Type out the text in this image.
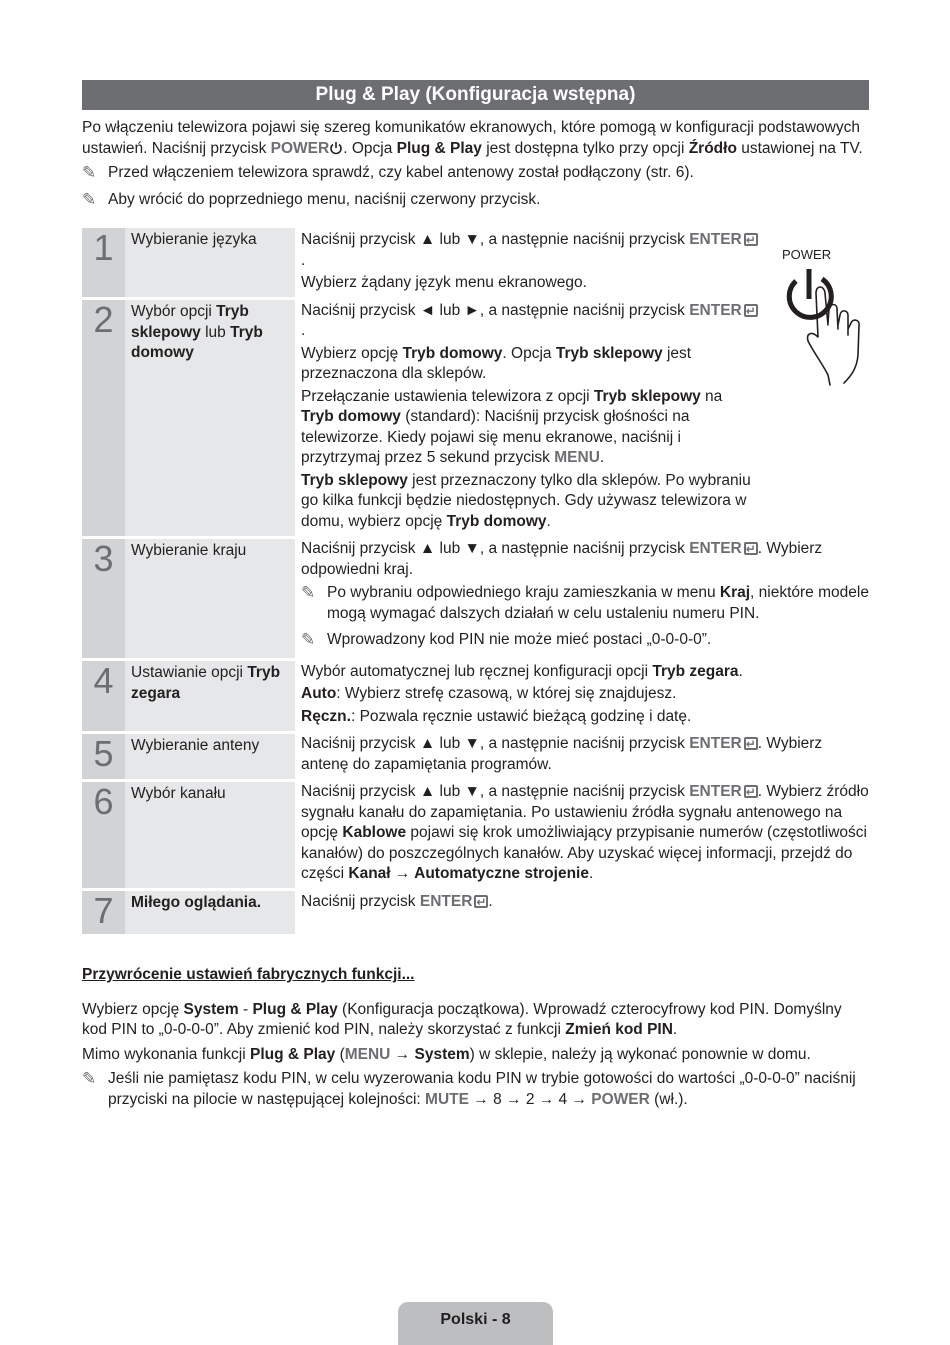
Plug & Play (Konfiguracja wstępna)

Po włączeniu telewizora pojawi się szereg komunikatów ekranowych, które pomogą w konfiguracji podstawowych ustawień. Naciśnij przycisk POWER . Opcja Plug & Play jest dostępna tylko przy opcji Źródło ustawionej na TV.

✎ Przed włączeniem telewizora sprawdź, czy kabel antenowy został podłączony (str. 6).
✎ Aby wrócić do poprzedniego menu, naciśnij czerwony przycisk.
1	Wybieranie języka	Naciśnij przycisk ▲ lub ▼, a następnie naciśnij przycisk ENTER↵.

Wybierz żądany język menu ekranowego.

2	Wybór opcji Tryb sklepowy lub Tryb domowy	Naciśnij przycisk ◄ lub ►, a następnie naciśnij przycisk ENTER↵.

Wybierz opcję Tryb domowy. Opcja Tryb sklepowy jest przeznaczona dla sklepów.

Przełączanie ustawienia telewizora z opcji Tryb sklepowy na Tryb domowy (standard): Naciśnij przycisk głośności na telewizorze. Kiedy pojawi się menu ekranowe, naciśnij i przytrzymaj przez 5 sekund przycisk MENU.

Tryb sklepowy jest przeznaczony tylko dla sklepów. Po wybraniu go kilka funkcji będzie niedostępnych. Gdy używasz telewizora w domu, wybierz opcję Tryb domowy.

3	Wybieranie kraju	Naciśnij przycisk ▲ lub ▼, a następnie naciśnij przycisk ENTER ↵ . Wybierz odpowiedni kraj.

✎ Po wybraniu odpowiedniego kraju zamieszkania w menu Kraj, niektóre modele mogą wymagać dalszych działań w celu ustaleniu numeru PIN.
✎ Wprowadzony kod PIN nie może mieć postaci „0-0-0-0”.

4	Ustawianie opcji Tryb zegara	Wybór automatycznej lub ręcznej konfiguracji opcji Tryb zegara.

Auto: Wybierz strefę czasową, w której się znajdujesz.

Ręczn.: Pozwala ręcznie ustawić bieżącą godzinę i datę.

5	Wybieranie anteny	Naciśnij przycisk ▲ lub ▼, a następnie naciśnij przycisk ENTER ↵ . Wybierz antenę do zapamiętania programów.

6	Wybór kanału	Naciśnij przycisk ▲ lub ▼, a następnie naciśnij przycisk ENTER ↵ . Wybierz źródło sygnału kanału do zapamiętania. Po ustawieniu źródła sygnału antenowego na opcję Kablowe pojawi się krok umożliwiający przypisanie numerów (częstotliwości kanałów) do poszczególnych kanałów. Aby uzyskać więcej informacji, przejdź do części Kanał → Automatyczne strojenie.

7	Miłego oglądania.	Naciśnij przycisk ENTER ↵ .

Przywrócenie ustawień fabrycznych funkcji...

Wybierz opcję System - Plug & Play (Konfiguracja początkowa). Wprowadź czterocyfrowy kod PIN. Domyślny kod PIN to „0-0-0-0”. Aby zmienić kod PIN, należy skorzystać z funkcji Zmień kod PIN.

Mimo wykonania funkcji Plug & Play (MENU → System) w sklepie, należy ją wykonać ponownie w domu.

✎ Jeśli nie pamiętasz kodu PIN, w celu wyzerowania kodu PIN w trybie gotowości do wartości „0-0-0-0” naciśnij przyciski na pilocie w następującej kolejności: MUTE → 8 → 2 → 4 → POWER (wł.).
POWER
Polski - 8
